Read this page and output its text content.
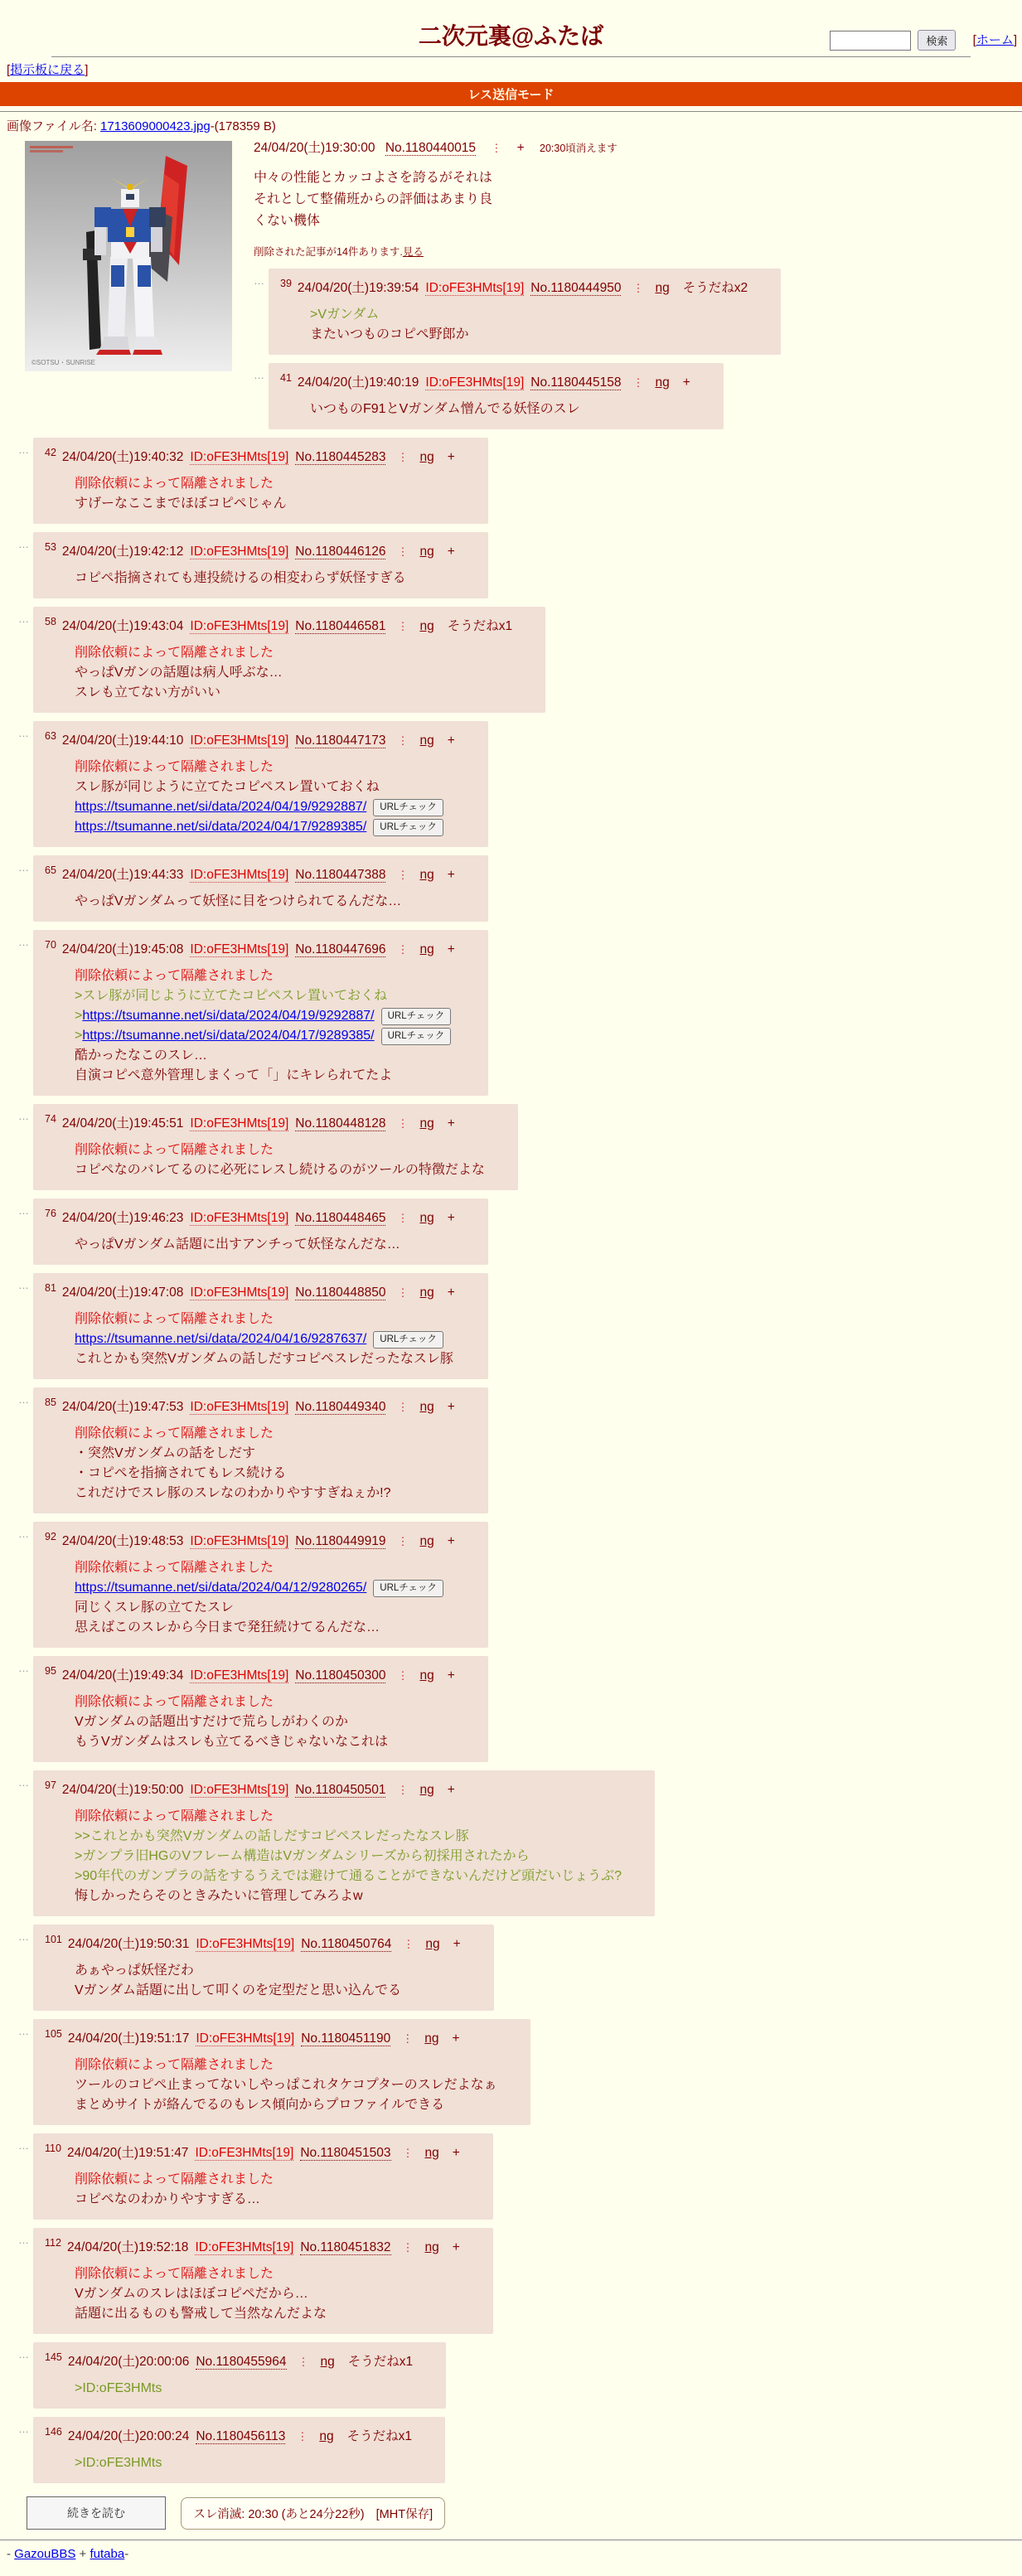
二次元裏@ふたば	検索 [ホーム]
[掲示板に戻る]
レス送信モード
画像ファイル名: 1713609000423.jpg-(178359 B)
©SOTSU・SUNRISE
24/04/20(土)19:30:00 No.1180440015 ⋮ + 20:30頃消えます
中々の性能とカッコよさを誇るがそれはそれとして整備班からの評価はあまり良くない機体
削除された記事が14件あります.見る
… $^{39}$ 24/04/20(土)19:39:54 ID:oFE3HMts[19] No.1180444950 ⋮ ng そうだねx2
>Vガンダム
またいつものコピペ野郎か
… $^{41}$ 24/04/20(土)19:40:19 ID:oFE3HMts[19] No.1180445158 ⋮ ng +
いつものF91とVガンダム憎んでる妖怪のスレ
… $^{42}$ 24/04/20(土)19:40:32 ID:oFE3HMts[19] No.1180445283 ⋮ ng +
削除依頼によって隔離されました
すげーなここまでほぼコピペじゃん
… $^{53}$ 24/04/20(土)19:42:12 ID:oFE3HMts[19] No.1180446126 ⋮ ng +
コピペ指摘されても連投続けるの相変わらず妖怪すぎる
… $^{58}$ 24/04/20(土)19:43:04 ID:oFE3HMts[19] No.1180446581 ⋮ ng そうだねx1
削除依頼によって隔離されました
やっぱVガンの話題は病人呼ぶな…
スレも立てない方がいい
… $^{63}$ 24/04/20(土)19:44:10 ID:oFE3HMts[19] No.1180447173 ⋮ ng +
削除依頼によって隔離されました
スレ豚が同じように立てたコピペスレ置いておくね
https://tsumanne.net/si/data/2024/04/19/9292887/ URLチェック
https://tsumanne.net/si/data/2024/04/17/9289385/ URLチェック
… $^{65}$ 24/04/20(土)19:44:33 ID:oFE3HMts[19] No.1180447388 ⋮ ng +
やっぱVガンダムって妖怪に目をつけられてるんだな…
… $^{70}$ 24/04/20(土)19:45:08 ID:oFE3HMts[19] No.1180447696 ⋮ ng +
削除依頼によって隔離されました
>スレ豚が同じように立てたコピペスレ置いておくね
>https://tsumanne.net/si/data/2024/04/19/9292887/ URLチェック
>https://tsumanne.net/si/data/2024/04/17/9289385/ URLチェック
酷かったなこのスレ…
自演コピペ意外管理しまくって「」にキレられてたよ
… $^{74}$ 24/04/20(土)19:45:51 ID:oFE3HMts[19] No.1180448128 ⋮ ng +
削除依頼によって隔離されました
コピペなのバレてるのに必死にレスし続けるのがツールの特徴だよな
… $^{76}$ 24/04/20(土)19:46:23 ID:oFE3HMts[19] No.1180448465 ⋮ ng +
やっぱVガンダム話題に出すアンチって妖怪なんだな…
… $^{81}$ 24/04/20(土)19:47:08 ID:oFE3HMts[19] No.1180448850 ⋮ ng +
削除依頼によって隔離されました
https://tsumanne.net/si/data/2024/04/16/9287637/ URLチェック
これとかも突然Vガンダムの話しだすコピペスレだったなスレ豚
… $^{85}$ 24/04/20(土)19:47:53 ID:oFE3HMts[19] No.1180449340 ⋮ ng +
削除依頼によって隔離されました
・突然Vガンダムの話をしだす
・コピペを指摘されてもレス続ける
これだけでスレ豚のスレなのわかりやすすぎねぇか!?
… $^{92}$ 24/04/20(土)19:48:53 ID:oFE3HMts[19] No.1180449919 ⋮ ng +
削除依頼によって隔離されました
https://tsumanne.net/si/data/2024/04/12/9280265/ URLチェック
同じくスレ豚の立てたスレ
思えばこのスレから今日まで発狂続けてるんだな…
… $^{95}$ 24/04/20(土)19:49:34 ID:oFE3HMts[19] No.1180450300 ⋮ ng +
削除依頼によって隔離されました
Vガンダムの話題出すだけで荒らしがわくのか
もうVガンダムはスレも立てるべきじゃないなこれは
… $^{97}$ 24/04/20(土)19:50:00 ID:oFE3HMts[19] No.1180450501 ⋮ ng +
削除依頼によって隔離されました
>>これとかも突然Vガンダムの話しだすコピペスレだったなスレ豚
>ガンプラ旧HGのVフレーム構造はVガンダムシリーズから初採用されたから
>90年代のガンプラの話をするうえでは避けて通ることができないんだけど頭だいじょうぶ?
悔しかったらそのときみたいに管理してみろよw
… $^{101}$ 24/04/20(土)19:50:31 ID:oFE3HMts[19] No.1180450764 ⋮ ng +
あぁやっぱ妖怪だわ
Vガンダム話題に出して叩くのを定型だと思い込んでる
… $^{105}$ 24/04/20(土)19:51:17 ID:oFE3HMts[19] No.1180451190 ⋮ ng +
削除依頼によって隔離されました
ツールのコピペ止まってないしやっぱこれタケコプターのスレだよなぁ
まとめサイトが絡んでるのもレス傾向からプロファイルできる
… $^{110}$ 24/04/20(土)19:51:47 ID:oFE3HMts[19] No.1180451503 ⋮ ng +
削除依頼によって隔離されました
コピペなのわかりやすすぎる…
… $^{112}$ 24/04/20(土)19:52:18 ID:oFE3HMts[19] No.1180451832 ⋮ ng +
削除依頼によって隔離されました
Vガンダムのスレはほぼコピペだから…
話題に出るものも警戒して当然なんだよな
… $^{145}$ 24/04/20(土)20:00:06 No.1180455964 ⋮ ng そうだねx1
>ID:oFE3HMts
… $^{146}$ 24/04/20(土)20:00:24 No.1180456113 ⋮ ng そうだねx1
>ID:oFE3HMts
続きを読む	スレ消滅: 20:30 (あと24分22秒) [MHT保存]
- GazouBBS + futaba-
